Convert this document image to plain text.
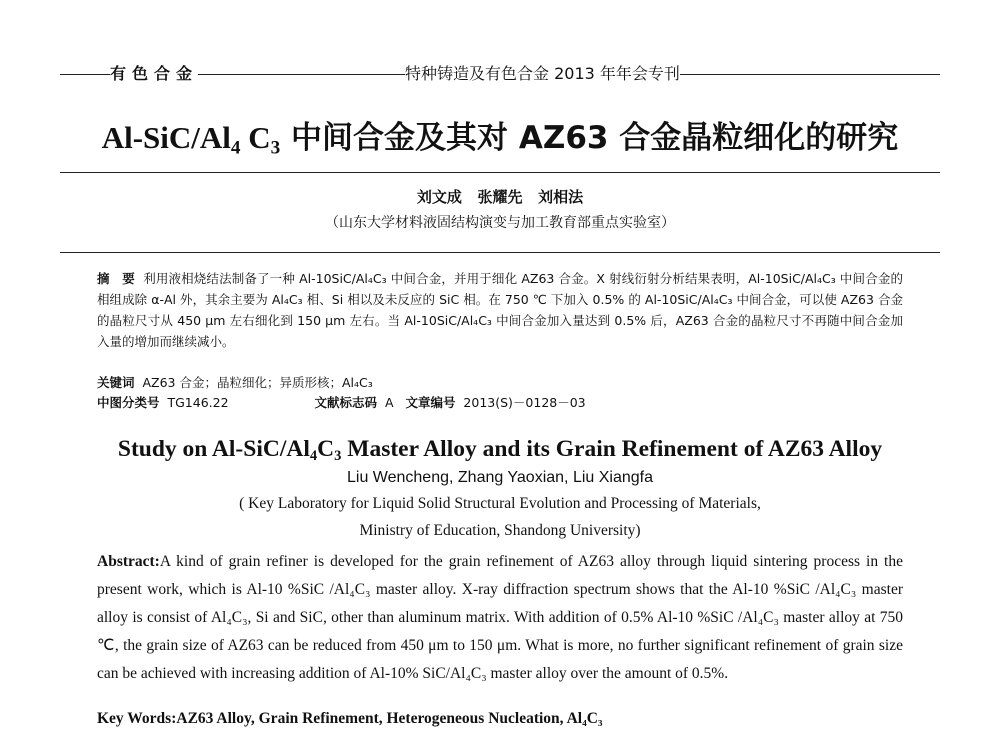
有色合金	特种铸造及有色合金 2013 年年会专刊
$Al-SiC/Al_4$ $C_3$ 中间合金及其对 AZ63 合金晶粒细化的研究
刘文成   张耀先   刘相法
（山东大学材料液固结构演变与加工教育部重点实验室）
摘　要 利用液相烧结法制备了一种 Al-10SiC/Al₄C₃ 中间合金，并用于细化 AZ63 合金。X 射线衍射分析结果表明，Al-10SiC/Al₄C₃ 中间合金的相组成除 α-Al 外，其余主要为 Al₄C₃ 相、Si 相以及未反应的 SiC 相。在 750 ℃ 下加入 0.5% 的 Al-10SiC/Al₄C₃ 中间合金，可以使 AZ63 合金的晶粒尺寸从 450 μm 左右细化到 150 μm 左右。当 Al-10SiC/Al₄C₃ 中间合金加入量达到 0.5% 后，AZ63 合金的晶粒尺寸不再随中间合金加入量的增加而继续减小。
关键词 AZ63 合金；晶粒细化；异质形核；Al₄C₃
中图分类号 TG146.22	文献标志码 A 文章编号 2013(S)－0128－03
Study on $Al-SiC/Al_4C_3$ Master Alloy and its Grain Refinement of AZ63 Alloy
Liu Wencheng, Zhang Yaoxian, Liu Xiangfa
( Key Laboratory for Liquid Solid Structural Evolution and Processing of Materials,
Ministry of Education, Shandong University)
Abstract:A kind of grain refiner is developed for the grain refinement of AZ63 alloy through liquid sintering process in the present work, which is Al-10 %SiC /Al₄C₃ master alloy. X-ray diffraction spectrum shows that the Al-10 %SiC /Al₄C₃ master alloy is consist of Al₄C₃, Si and SiC, other than aluminum matrix. With addition of 0.5% Al-10 %SiC /Al₄C₃ master alloy at 750 ℃, the grain size of AZ63 can be reduced from 450 μm to 150 μm. What is more, no further significant refinement of grain size can be achieved with increasing addition of Al-10% SiC/Al₄C₃ master alloy over the amount of 0.5%.
Key Words:AZ63 Alloy, Grain Refinement, Heterogeneous Nucleation, Al₄C₃
